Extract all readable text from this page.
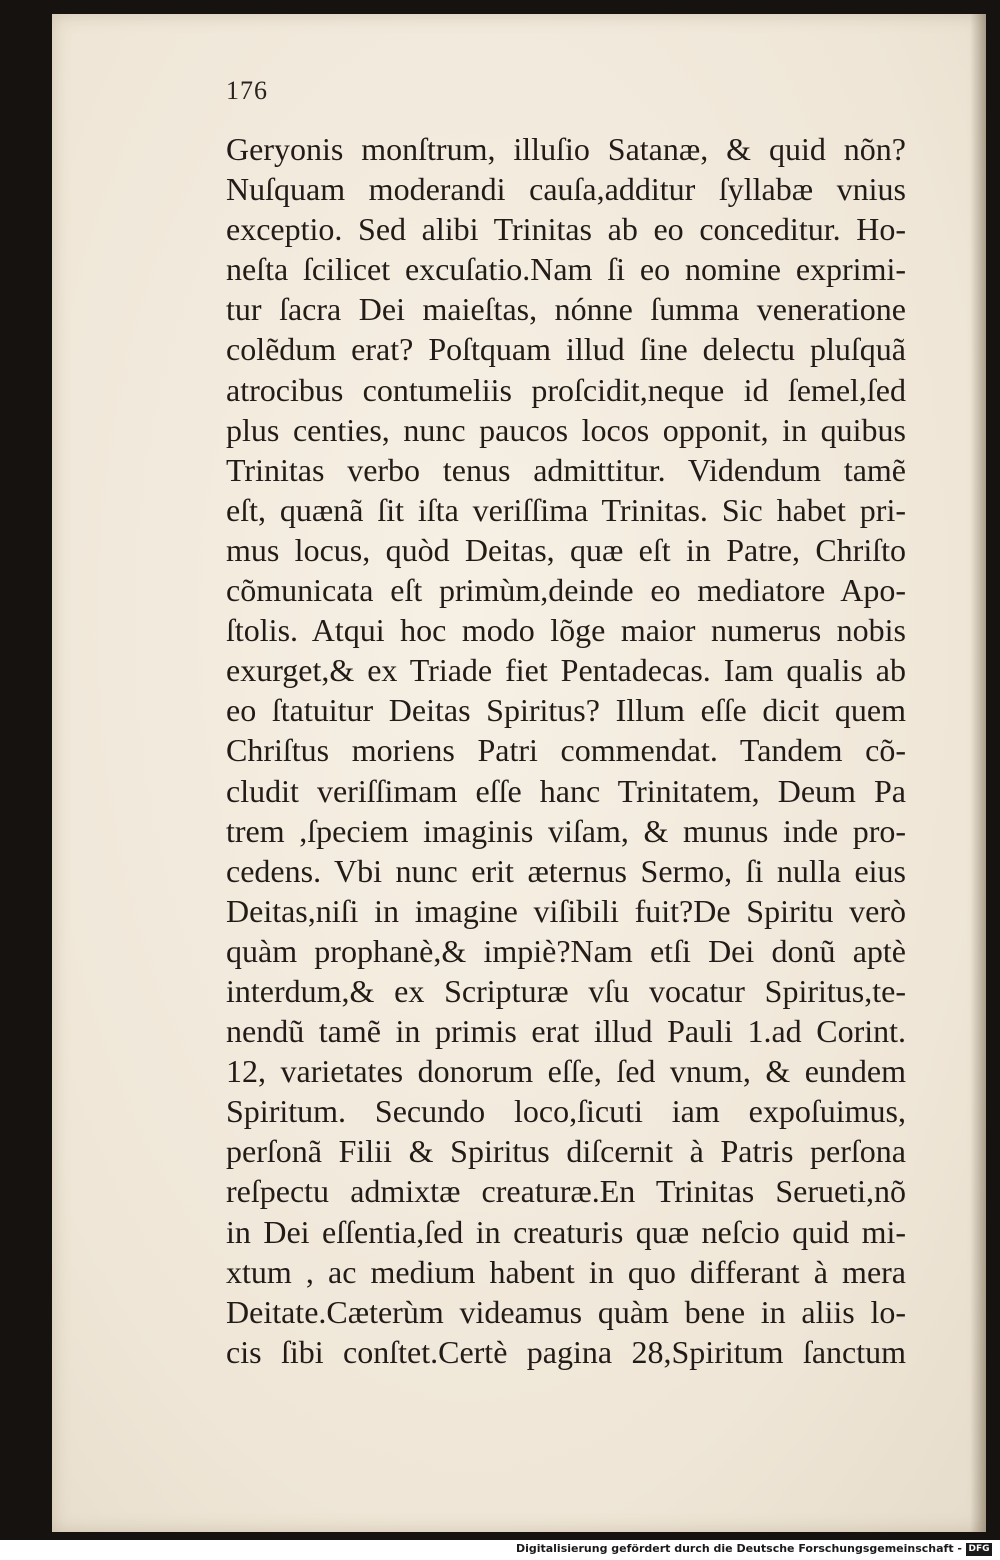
176
Geryonis monſtrum, illuſio Satanæ, & quid nõn?
Nuſquam moderandi cauſa,additur ſyllabæ vnius
exceptio. Sed alibi Trinitas ab eo conceditur. Ho-
neſta ſcilicet excuſatio.Nam ſi eo nomine exprimi-
tur ſacra Dei maieſtas, nónne ſumma veneratione
colẽdum erat? Poſtquam illud ſine delectu pluſquã
atrocibus contumeliis proſcidit,neque id ſemel,ſed
plus centies, nunc paucos locos opponit, in quibus
Trinitas verbo tenus admittitur. Videndum tamẽ
eſt, quænã ſit iſta veriſſima Trinitas. Sic habet pri-
mus locus, quòd Deitas, quæ eſt in Patre, Chriſto
cõmunicata eſt primùm,deinde eo mediatore Apo-
ſtolis. Atqui hoc modo lõge maior numerus nobis
exurget,& ex Triade fiet Pentadecas. Iam qualis ab
eo ſtatuitur Deitas Spiritus? Illum eſſe dicit quem
Chriſtus moriens Patri commendat. Tandem cõ-
cludit veriſſimam eſſe hanc Trinitatem, Deum Pa
trem ,ſpeciem imaginis viſam, & munus inde pro-
cedens. Vbi nunc erit æternus Sermo, ſi nulla eius
Deitas,niſi in imagine viſibili fuit?De Spiritu verò
quàm prophanè,& impiè?Nam etſi Dei donũ aptè
interdum,& ex Scripturæ vſu vocatur Spiritus,te-
nendũ tamẽ in primis erat illud Pauli 1.ad Corint.
12, varietates donorum eſſe, ſed vnum, & eundem
Spiritum. Secundo loco,ſicuti iam expoſuimus,
perſonã Filii & Spiritus diſcernit à Patris perſona
reſpectu admixtæ creaturæ.En Trinitas Serueti,nõ
in Dei eſſentia,ſed in creaturis quæ neſcio quid mi-
xtum , ac medium habent in quo differant à mera
Deitate.Cæterùm videamus quàm bene in aliis lo-
cis ſibi conſtet.Certè pagina 28,Spiritum ſanctum
Digitalisierung gefördert durch die Deutsche Forschungsgemeinschaft - DFG
